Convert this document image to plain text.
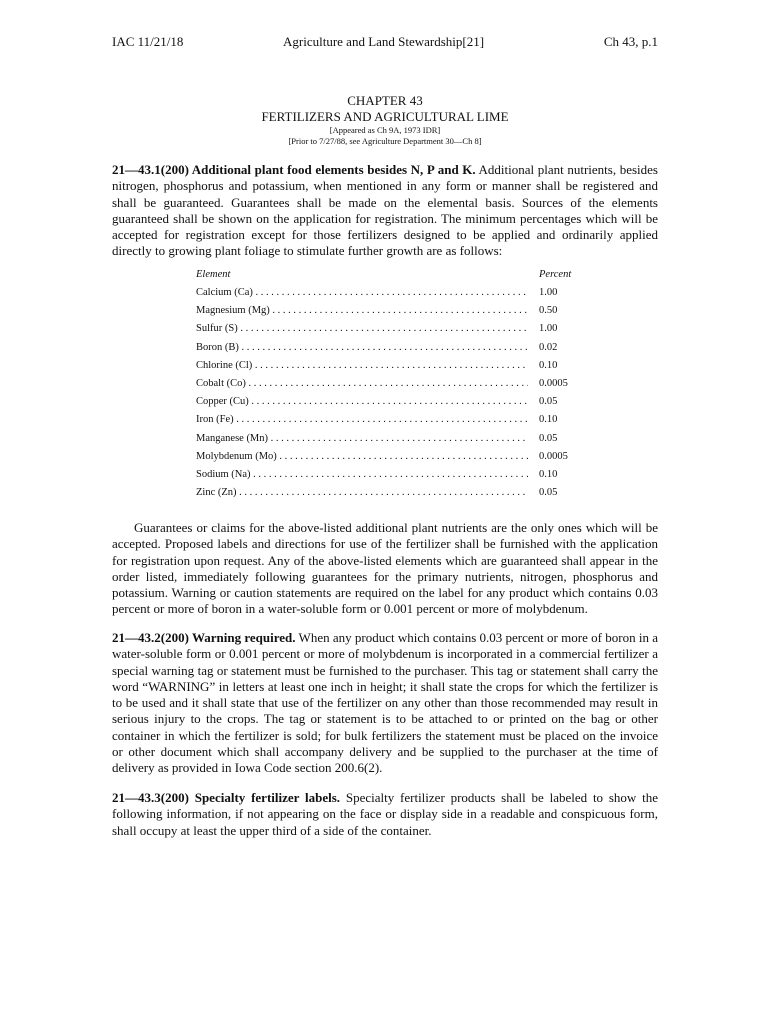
IAC 11/21/18	Agriculture and Land Stewardship[21]	Ch 43, p.1
CHAPTER 43
FERTILIZERS AND AGRICULTURAL LIME
[Appeared as Ch 9A, 1973 IDR]
[Prior to 7/27/88, see Agriculture Department 30—Ch 8]

21—43.1(200) Additional plant food elements besides N, P and K. Additional plant nutrients, besides nitrogen, phosphorus and potassium, when mentioned in any form or manner shall be registered and shall be guaranteed. Guarantees shall be made on the elemental basis. Sources of the elements guaranteed shall be shown on the application for registration. The minimum percentages which will be accepted for registration except for those fertilizers designed to be applied and ordinarily applied directly to growing plant foliage to stimulate further growth are as follows:

Element	Percent
Calcium (Ca) . . .	1.00
Magnesium (Mg) . . .	0.50
Sulfur (S) . . .	1.00
Boron (B) . . .	0.02
Chlorine (Cl) . . .	0.10
Cobalt (Co) . . .	0.0005
Copper (Cu) . . .	0.05
Iron (Fe) . . .	0.10
Manganese (Mn) . . .	0.05
Molybdenum (Mo) . . .	0.0005
Sodium (Na) . . .	0.10
Zinc (Zn) . . .	0.05

Guarantees or claims for the above-listed additional plant nutrients are the only ones which will be accepted. Proposed labels and directions for use of the fertilizer shall be furnished with the application for registration upon request. Any of the above-listed elements which are guaranteed shall appear in the order listed, immediately following guarantees for the primary nutrients, nitrogen, phosphorus and potassium. Warning or caution statements are required on the label for any product which contains 0.03 percent or more of boron in a water-soluble form or 0.001 percent or more of molybdenum.

21—43.2(200) Warning required. When any product which contains 0.03 percent or more of boron in a water-soluble form or 0.001 percent or more of molybdenum is incorporated in a commercial fertilizer a special warning tag or statement must be furnished to the purchaser. This tag or statement shall carry the word “WARNING” in letters at least one inch in height; it shall state the crops for which the fertilizer is to be used and it shall state that use of the fertilizer on any other than those recommended may result in serious injury to the crops. The tag or statement is to be attached to or printed on the bag or other container in which the fertilizer is sold; for bulk fertilizers the statement must be placed on the invoice or other document which shall accompany delivery and be supplied to the purchaser at the time of delivery as provided in Iowa Code section 200.6(2).

21—43.3(200) Specialty fertilizer labels. Specialty fertilizer products shall be labeled to show the following information, if not appearing on the face or display side in a readable and conspicuous form, shall occupy at least the upper third of a side of the container.
